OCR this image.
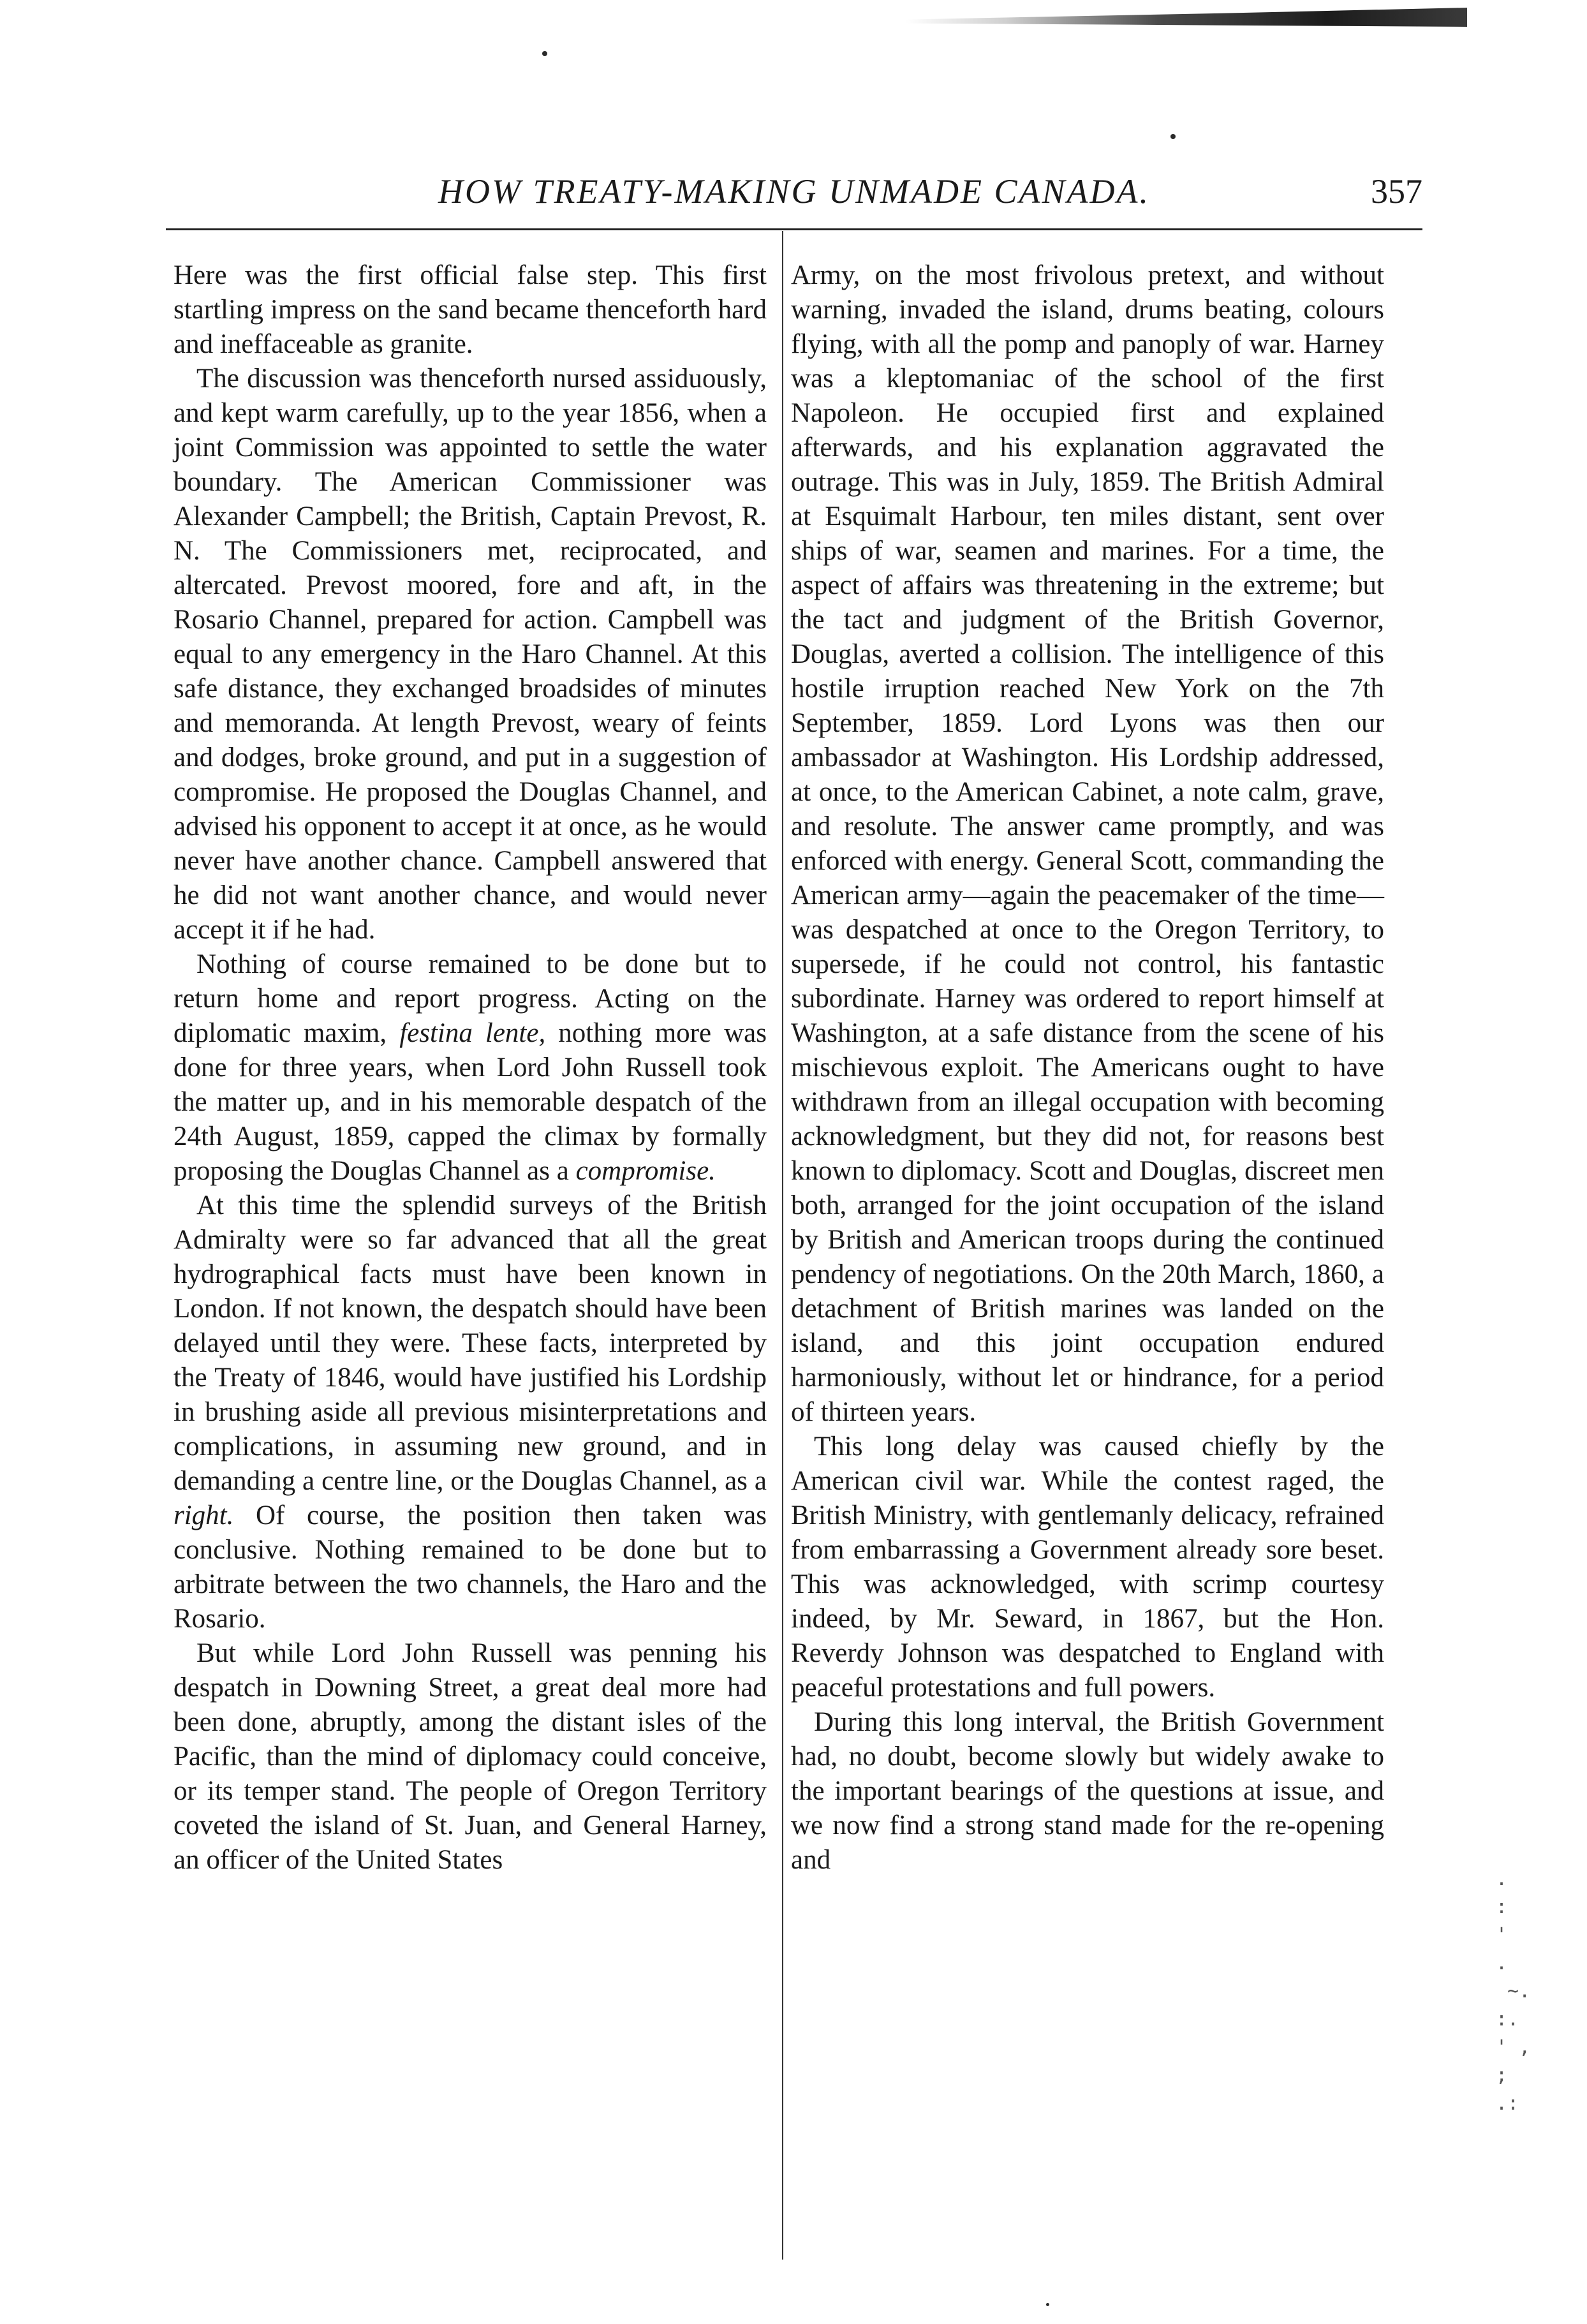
HOW TREATY-MAKING UNMADE CANADA.	357

Here was the first official false step. This first startling impress on the sand became thenceforth hard and ineffaceable as granite.

The discussion was thenceforth nursed assiduously, and kept warm carefully, up to the year 1856, when a joint Commission was appointed to settle the water boundary. The American Commissioner was Alexander Campbell; the British, Captain Prevost, R. N. The Commissioners met, reciprocated, and altercated. Prevost moored, fore and aft, in the Rosario Channel, prepared for action. Campbell was equal to any emergency in the Haro Channel. At this safe distance, they exchanged broadsides of minutes and memoranda. At length Prevost, weary of feints and dodges, broke ground, and put in a suggestion of compromise. He proposed the Douglas Channel, and advised his opponent to accept it at once, as he would never have another chance. Campbell answered that he did not want another chance, and would never accept it if he had.

Nothing of course remained to be done but to return home and report progress. Acting on the diplomatic maxim, festina lente, nothing more was done for three years, when Lord John Russell took the matter up, and in his memorable despatch of the 24th August, 1859, capped the climax by formally proposing the Douglas Channel as a compromise.

At this time the splendid surveys of the British Admiralty were so far advanced that all the great hydrographical facts must have been known in London. If not known, the despatch should have been delayed until they were. These facts, interpreted by the Treaty of 1846, would have justified his Lordship in brushing aside all previous misinterpretations and complications, in assuming new ground, and in demanding a centre line, or the Douglas Channel, as a right. Of course, the position then taken was conclusive. Nothing remained to be done but to arbitrate between the two channels, the Haro and the Rosario.

But while Lord John Russell was penning his despatch in Downing Street, a great deal more had been done, abruptly, among the distant isles of the Pacific, than the mind of diplomacy could conceive, or its temper stand. The people of Oregon Territory coveted the island of St. Juan, and General Harney, an officer of the United States

Army, on the most frivolous pretext, and without warning, invaded the island, drums beating, colours flying, with all the pomp and panoply of war. Harney was a kleptomaniac of the school of the first Napoleon. He occupied first and explained afterwards, and his explanation aggravated the outrage. This was in July, 1859. The British Admiral at Esquimalt Harbour, ten miles distant, sent over ships of war, seamen and marines. For a time, the aspect of affairs was threatening in the extreme; but the tact and judgment of the British Governor, Douglas, averted a collision. The intelligence of this hostile irruption reached New York on the 7th September, 1859. Lord Lyons was then our ambassador at Washington. His Lordship addressed, at once, to the American Cabinet, a note calm, grave, and resolute. The answer came promptly, and was enforced with energy. General Scott, commanding the American army—again the peacemaker of the time—was despatched at once to the Oregon Territory, to supersede, if he could not control, his fantastic subordinate. Harney was ordered to report himself at Washington, at a safe distance from the scene of his mischievous exploit. The Americans ought to have withdrawn from an illegal occupation with becoming acknowledgment, but they did not, for reasons best known to diplomacy. Scott and Douglas, discreet men both, arranged for the joint occupation of the island by British and American troops during the continued pendency of negotiations. On the 20th March, 1860, a detachment of British marines was landed on the island, and this joint occupation endured harmoniously, without let or hindrance, for a period of thirteen years.

This long delay was caused chiefly by the American civil war. While the contest raged, the British Ministry, with gentlemanly delicacy, refrained from embarrassing a Government already sore beset. This was acknowledged, with scrimp courtesy indeed, by Mr. Seward, in 1867, but the Hon. Reverdy Johnson was despatched to England with peaceful protestations and full powers.

During this long interval, the British Government had, no doubt, become slowly but widely awake to the important bearings of the questions at issue, and we now find a strong stand made for the re-opening and

.
:
'
.
~.
:.
' ,
;
.:
